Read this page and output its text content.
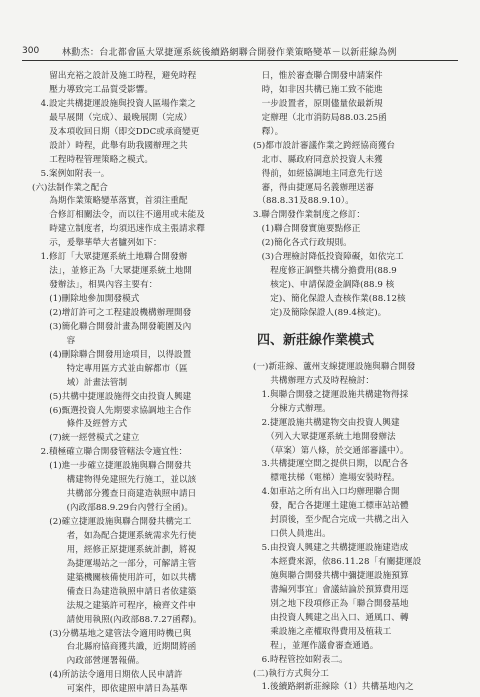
300	林勳杰：台北都會區大眾捷運系統後續路網聯合開發作業策略變革－以新莊線為例
　　留出充裕之設計及施工時程，避免時程
　　壓力導致完工品質受影響。
　4.設定共構捷運設施與投資人區場作業之
　　最早展開（完成）、最晚展開（完成）
　　及本項收回日期（即交DDC或承商變更
　　設計）時程，此舉有助我國辦理之共
　　工程時程管理策略之模式。
　5.案例如附表一。
(六)法制作業之配合
　　為期作業策略變革落實，首須注重配
　　合修訂相關法令，而以往不適用或未能及
　　時建立制度者，均須迅速作成主張請求釋
　　示，爰舉華犖大者臚列如下：
　1.修訂「大眾捷運系統土地聯合開發辦
　　法」，並修正為「大眾捷運系統土地開
　　發辦法」，相異內容主要有：
　　(1)刪除地參加開發模式
　　(2)增訂許可之工程建設機構辦理開發
　　(3)簡化聯合開發計畫為開發範圍及內
　　　　容
　　(4)刪除聯合開發用途項目，以得設置
　　　　特定專用區方式並由解都市（區
　　　　域）計畫法管制
　　(5)共構中捷運設施得交由投資人興建
　　(6)甄選投資人先期要求協調地主合作
　　　　條件及經營方式
　　(7)統一經營模式之建立
　2.積極確立聯合開發管轄法令適宜性：
　　(1)進一步確立捷運設施與聯合開發共
　　　　構建物得免建照先行施工，並以該
　　　　共構部分獲查日商建造執照申請日
　　　　(內政部88.9.29台內營行全函)。
　　(2)確立捷運設施與聯合開發共構完工
　　　　者，如為配合捷運系統需求先行使
　　　　用，經修正原捷運系統計劃，將視
　　　　為捷運場站之一部分，可解請主管
　　　　建築機關核備使用許可，如以共構
　　　　備查日為建造執照申請日者依建築
　　　　法規之建築許可程序，檢齊文件申
　　　　請使用執照(內政部88.7.27函釋)。
　　(3)分構基地之建管法令適用時機已與
　　　　台北縣府協商獲共識，近期間將函
　　　　內政部營運署報備。
　　(4)所訪法令適用日期依人民申請許
　　　　可案件，即依建照申請日為基準
　日，惟於審查聯合開發申請案件
　時，如非因共構已施工致不能進
　一步設置者，原則儘量依最新規
　定辦理（北市消防局88.03.25函
　釋）。
(5)都市設計審議作業之跨經協商獲台
　北市、縣政府同意於投資人未獲
　得前，如經協調地主同意先行送
　審，得由捷運局名義辦理送審
　（88.8.31及88.9.10）。
3.聯合開發作業制度之修訂：
　(1)聯合開發實施要點修正
　(2)簡化各式行政規則。
　(3)合理檢討降低投資障礙，如依完工
　　程度修正調整共構分擔費用(88.9
　　核定)、申請保證金調降(88.9 核
　　定)、簡化保證人查核作業(88.12核
　　定)及簡除保證人(89.4核定)。
四、新莊線作業模式
(一)新莊線、蘆州支線捷運設施與聯合開發
　　共構辦理方式及時程檢討：
　1.與聯合開發之捷運設施共構建物得採
　　分棟方式辦理。
　2.捷運設施共構建物交由投資人興建
　　（列入大眾捷運系統土地開發辦法
　　（草案）第八條，於交通部審議中）。
　3.共構捷運空間之提供日期，以配合各
　　標電扶梯（電梯）進場安裝時程。
　4.如車站之所有出入口均辦理聯合開
　　發，配合各捷運土建施工標車站站體
　　封頂後，至少配合完成一共構之出入
　　口供人員進出。
　5.由投資人興建之共構捷運設施建造成
　　本經費來源，依86.11.28「有關捷運設
　　施與聯合開發共構中彌捷運設施預算
　　書編列事宜」會議結論於預算費用逕
　　別之地下段項修正為「聯合開發基地
　　由投資人興建之出入口、通風口、轉
　　乘設施之產權取得費用及植栽工
　　程」，並運作議會審查通過。
　6.時程管控如附表二。
(二)執行方式與分工
　1.後續路網新莊線除（1）共構基地內之
